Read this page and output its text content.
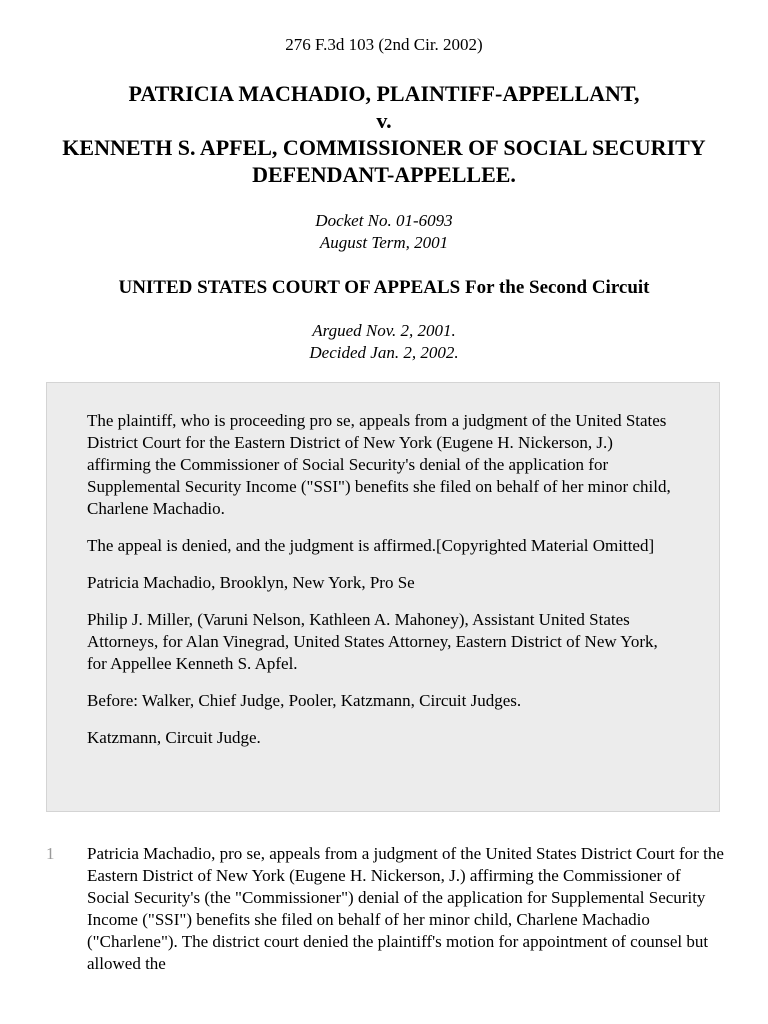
276 F.3d 103 (2nd Cir. 2002)
PATRICIA MACHADIO, PLAINTIFF-APPELLANT,
v.
KENNETH S. APFEL, COMMISSIONER OF SOCIAL SECURITY DEFENDANT-APPELLEE.
Docket No. 01-6093
August Term, 2001
UNITED STATES COURT OF APPEALS For the Second Circuit
Argued Nov. 2, 2001.
Decided Jan. 2, 2002.

The plaintiff, who is proceeding pro se, appeals from a judgment of the United States District Court for the Eastern District of New York (Eugene H. Nickerson, J.) affirming the Commissioner of Social Security's denial of the application for Supplemental Security Income ("SSI") benefits she filed on behalf of her minor child, Charlene Machadio.

The appeal is denied, and the judgment is affirmed.[Copyrighted Material Omitted]

Patricia Machadio, Brooklyn, New York, Pro Se

Philip J. Miller, (Varuni Nelson, Kathleen A. Mahoney), Assistant United States Attorneys, for Alan Vinegrad, United States Attorney, Eastern District of New York, for Appellee Kenneth S. Apfel.

Before: Walker, Chief Judge, Pooler, Katzmann, Circuit Judges.

Katzmann, Circuit Judge.

1 Patricia Machadio, pro se, appeals from a judgment of the United States District Court for the Eastern District of New York (Eugene H. Nickerson, J.) affirming the Commissioner of Social Security's (the "Commissioner") denial of the application for Supplemental Security Income ("SSI") benefits she filed on behalf of her minor child, Charlene Machadio ("Charlene"). The district court denied the plaintiff's motion for appointment of counsel but allowed the
